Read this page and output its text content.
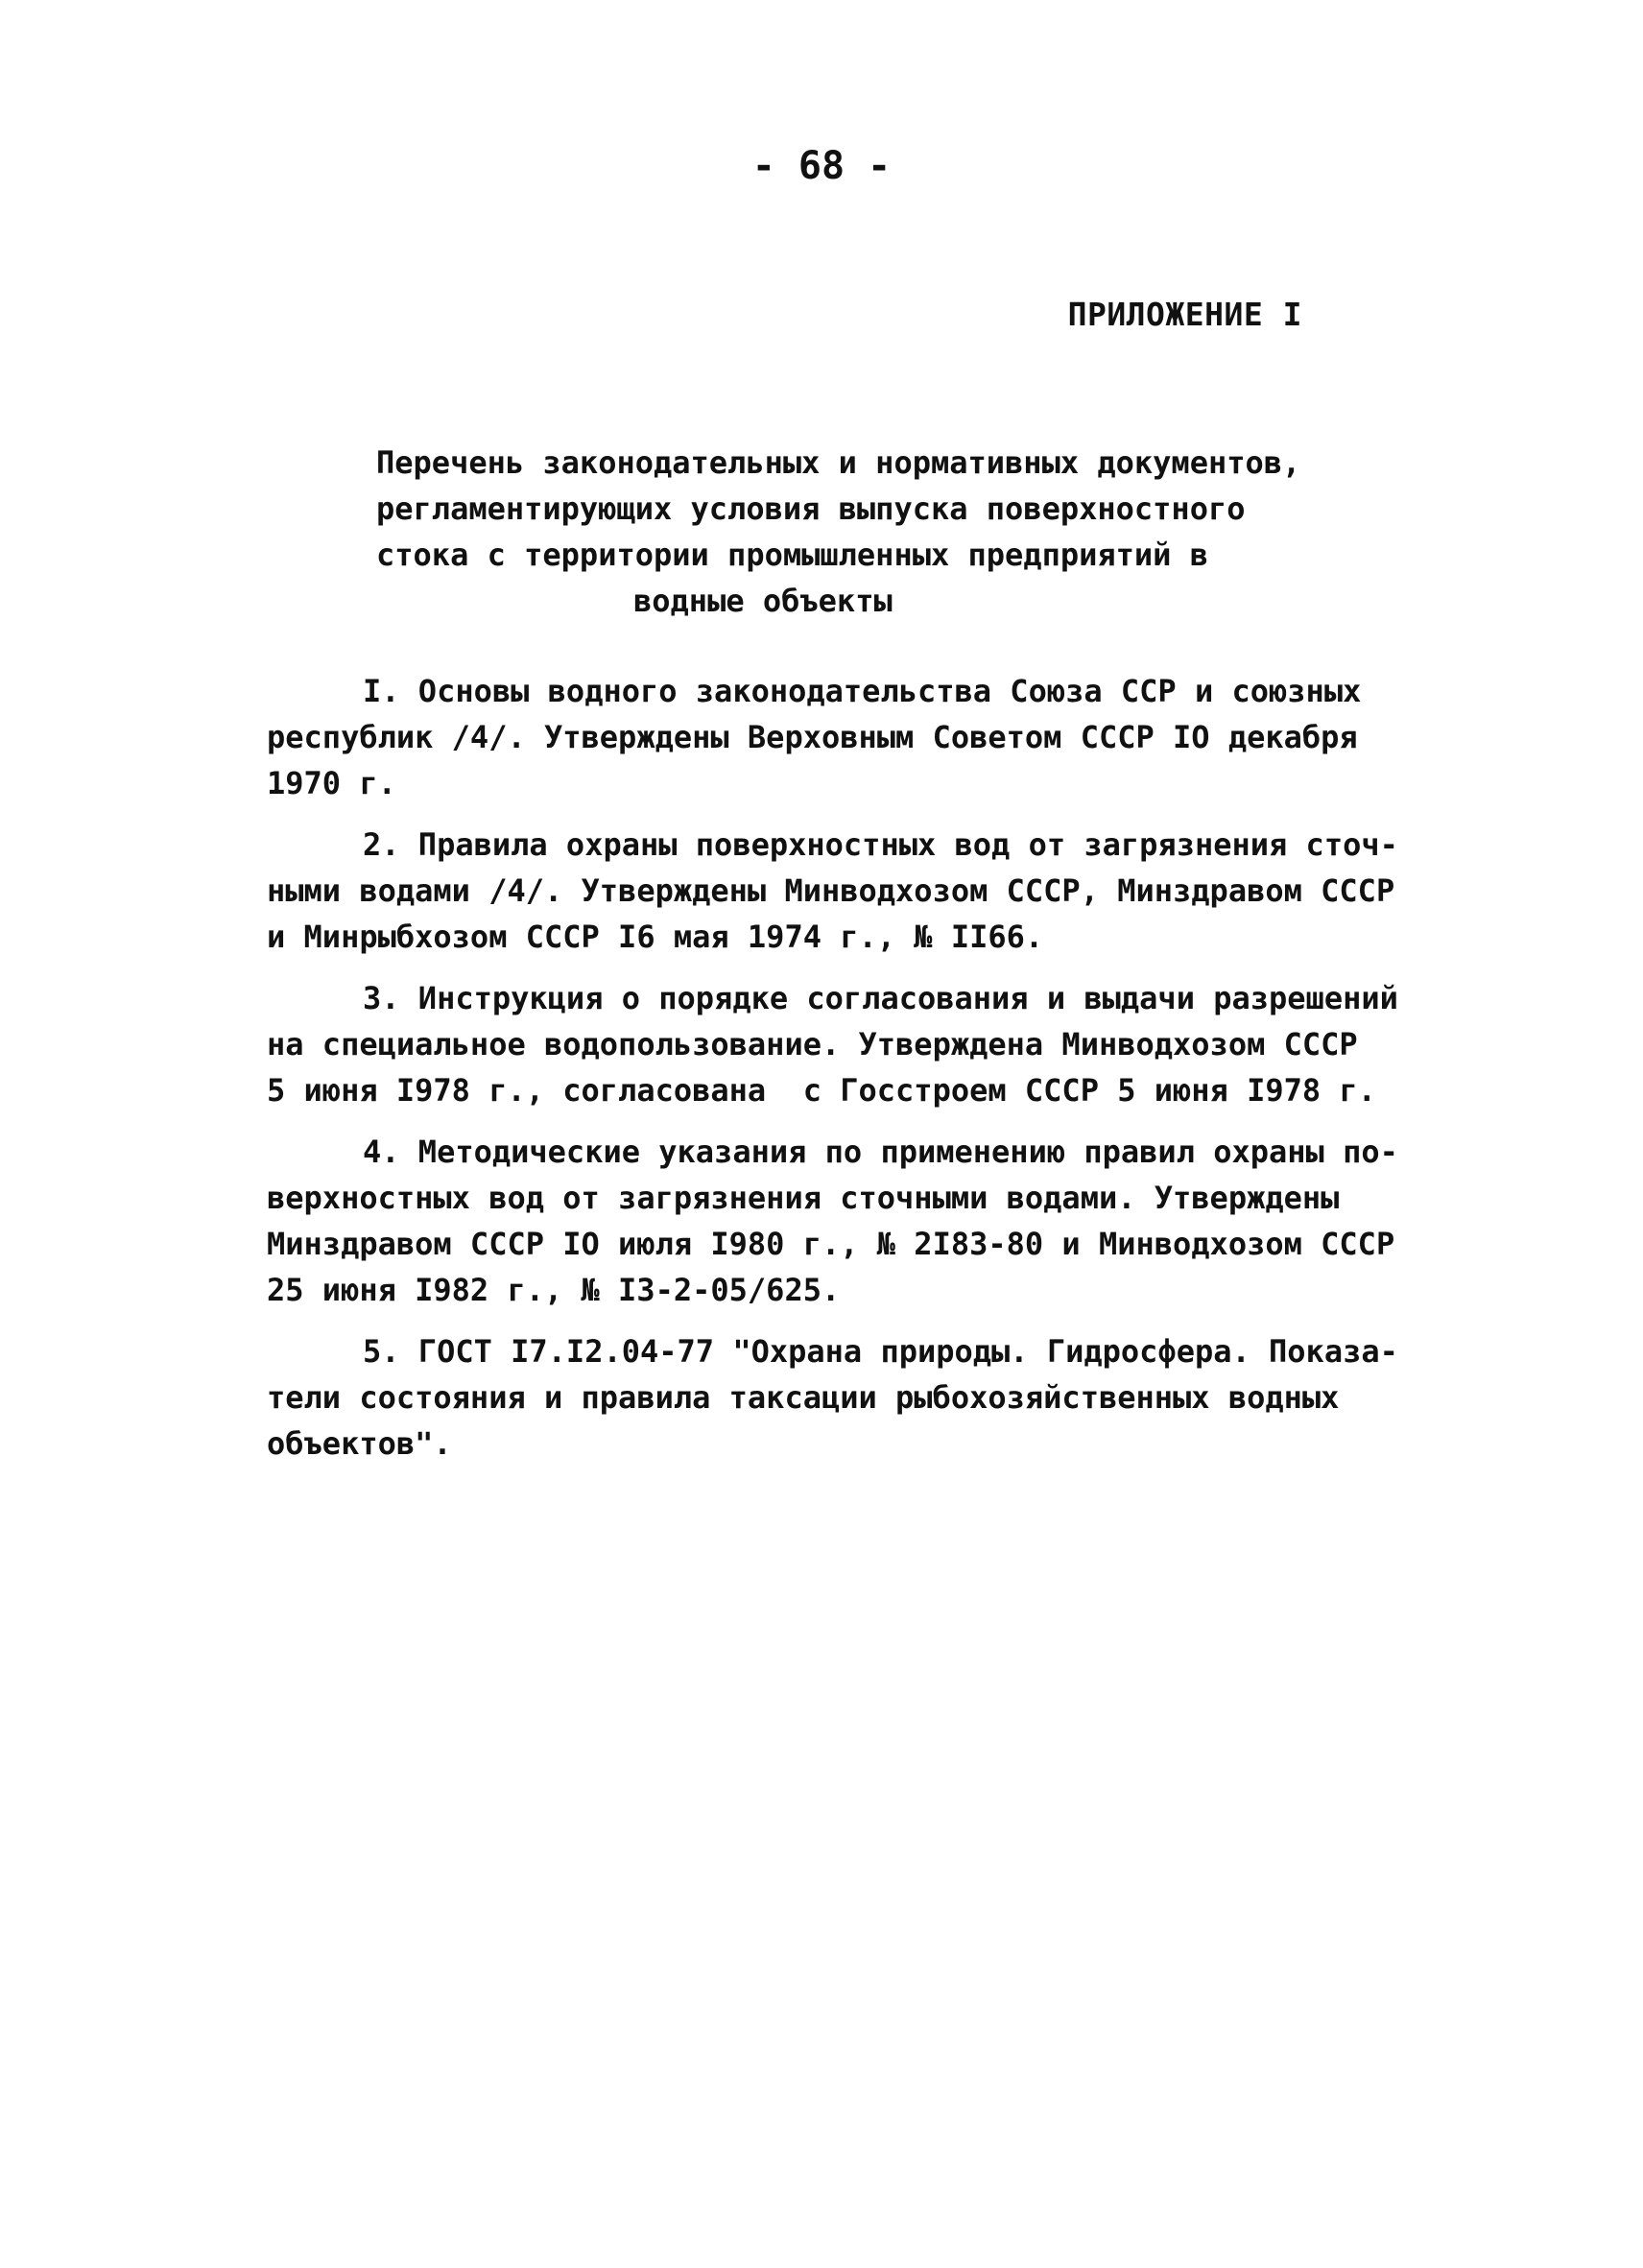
- 68 -
ПРИЛОЖЕНИЕ I
Перечень законодательных и нормативных документов,
регламентирующих условия выпуска поверхностного
стока с территории промышленных предприятий в
водные объекты
I. Основы водного законодательства Союза ССР и союзных
республик /4/. Утверждены Верховным Советом СССР IO декабря
1970 г.
2. Правила охраны поверхностных вод от загрязнения сточ-
ными водами /4/. Утверждены Минводхозом СССР, Минздравом СССР
и Минрыбхозом СССР I6 мая 1974 г., № II66.
3. Инструкция о порядке согласования и выдачи разрешений
на специальное водопользование. Утверждена Минводхозом СССР
5 июня I978 г., согласована  с Госстроем СССР 5 июня I978 г.
4. Методические указания по применению правил охраны по-
верхностных вод от загрязнения сточными водами. Утверждены
Минздравом СССР IO июля I980 г., № 2I83-80 и Минводхозом СССР
25 июня I982 г., № I3-2-05/625.
5. ГОСТ I7.I2.04-77 "Охрана природы. Гидросфера. Показа-
тели состояния и правила таксации рыбохозяйственных водных
объектов".
